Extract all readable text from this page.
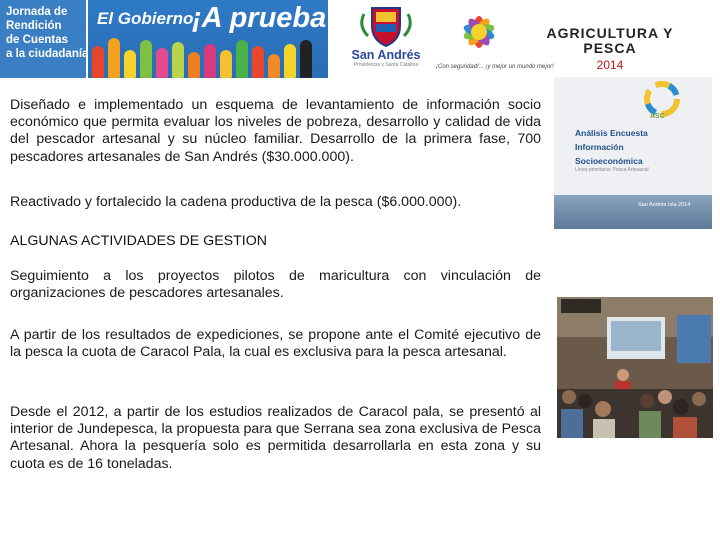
Jornada de
Rendición
de Cuentas
a la ciudadanía
El Gobierno
¡A prueba !
San Andrés
Providencia y Santa Catalina	¡Con seguridad!... ¡y mejor un mundo mejor!
AGRICULTURA Y PESCA
2014
Diseñado e implementado un esquema de levantamiento de información socio económico que permita evaluar los niveles de pobreza, desarrollo y calidad de vida del pescador artesanal y su núcleo familiar. Desarrollo de la primera fase, 700 pescadores artesanales de San Andrés ($30.000.000).
Reactivado y fortalecido la cadena productiva de la pesca ($6.000.000).
ALGUNAS ACTIVIDADES DE GESTION
Seguimiento a los proyectos pilotos de maricultura con vinculación de organizaciones de pescadores artesanales.
A partir de los resultados de expediciones, se propone ante el Comité ejecutivo de la pesca la cuota de Caracol Pala, la cual es exclusiva para la pesca artesanal.
Desde el 2012, a partir de los estudios realizados de Caracol pala, se presentó al interior de Jundepesca, la propuesta para que Serrana sea zona exclusiva de Pesca Artesanal. Ahora la pesquería solo es permitida desarrollarla en esta zona y su cuota es de 16 toneladas.
ASC
Análisis Encuesta
Información
Socioeconómica
Línea prioritaria: Pesca Artesanal
San Andrés Isla 2014
